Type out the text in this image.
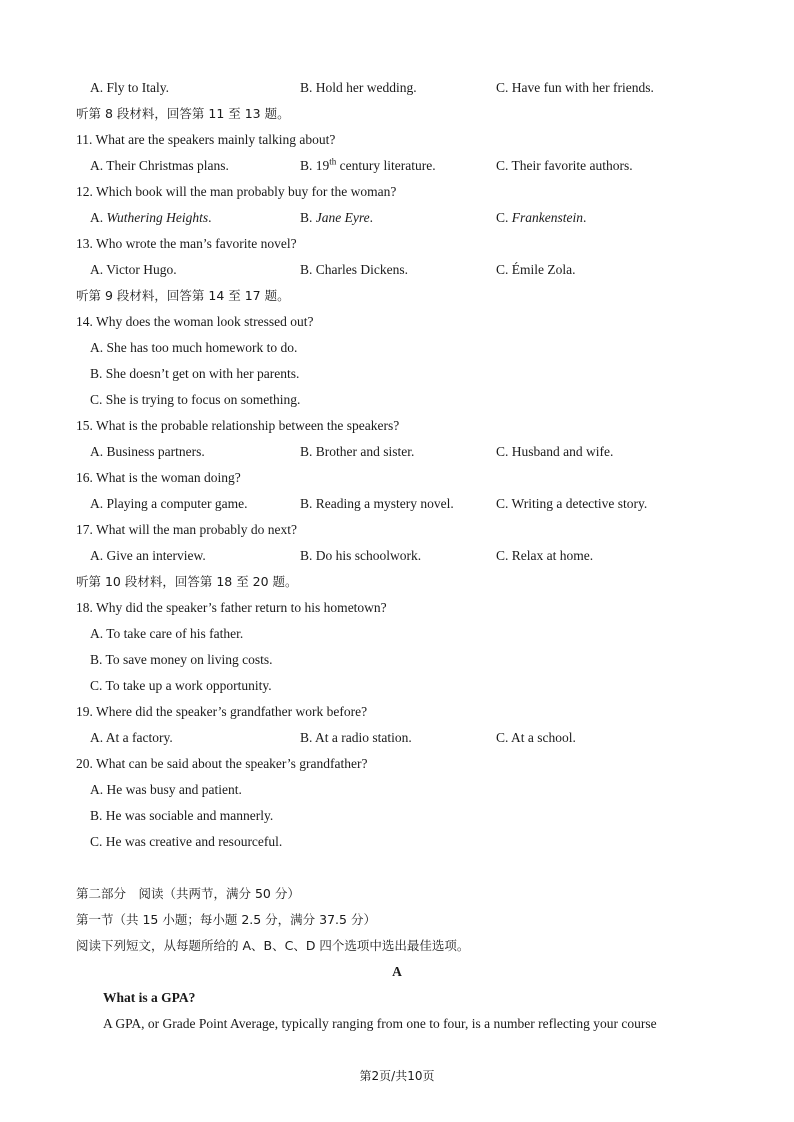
A. Fly to Italy.	B. Hold her wedding.	C. Have fun with her friends.
听第 8 段材料，回答第 11 至 13 题。
11. What are the speakers mainly talking about?
A. Their Christmas plans.	B. 19th century literature.	C. Their favorite authors.
12. Which book will the man probably buy for the woman?
A. Wuthering Heights.	B. Jane Eyre.	C. Frankenstein.
13. Who wrote the man’s favorite novel?
A. Victor Hugo.	B. Charles Dickens.	C. Émile Zola.
听第 9 段材料，回答第 14 至 17 题。
14. Why does the woman look stressed out?
A. She has too much homework to do.
B. She doesn’t get on with her parents.
C. She is trying to focus on something.
15. What is the probable relationship between the speakers?
A. Business partners.	B. Brother and sister.	C. Husband and wife.
16. What is the woman doing?
A. Playing a computer game.	B. Reading a mystery novel.	C. Writing a detective story.
17. What will the man probably do next?
A. Give an interview.	B. Do his schoolwork.	C. Relax at home.
听第 10 段材料，回答第 18 至 20 题。
18. Why did the speaker’s father return to his hometown?
A. To take care of his father.
B. To save money on living costs.
C. To take up a work opportunity.
19. Where did the speaker’s grandfather work before?
A. At a factory.	B. At a radio station.	C. At a school.
20. What can be said about the speaker’s grandfather?
A. He was busy and patient.
B. He was sociable and mannerly.
C. He was creative and resourceful.
第二部分　阅读（共两节，满分 50 分）
第一节（共 15 小题；每小题 2.5 分，满分 37.5 分）
阅读下列短文，从每题所给的 A、B、C、D 四个选项中选出最佳选项。
A
What is a GPA?
A GPA, or Grade Point Average, typically ranging from one to four, is a number reflecting your course
第2页/共10页
